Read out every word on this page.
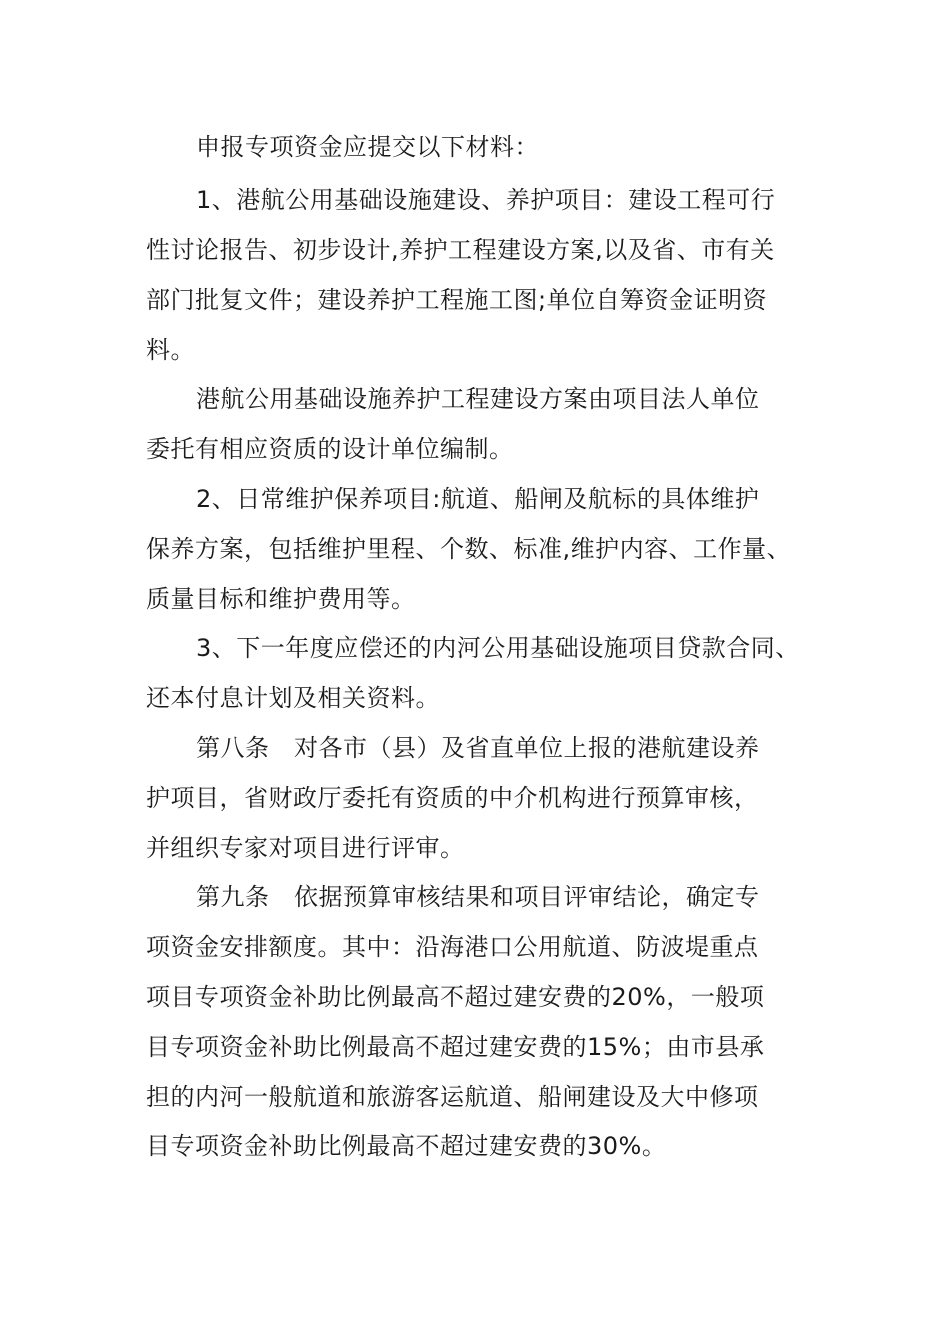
申报专项资金应提交以下材料：
1、港航公用基础设施建设、养护项目：建设工程可行
性讨论报告、初步设计,养护工程建设方案,以及省、市有关
部门批复文件；建设养护工程施工图;单位自筹资金证明资
料。
港航公用基础设施养护工程建设方案由项目法人单位
委托有相应资质的设计单位编制。
2、日常维护保养项目:航道、船闸及航标的具体维护
保养方案，包括维护里程、个数、标准,维护内容、工作量、
质量目标和维护费用等。
3、下一年度应偿还的内河公用基础设施项目贷款合同、
还本付息计划及相关资料。
第八条　对各市（县）及省直单位上报的港航建设养
护项目，省财政厅委托有资质的中介机构进行预算审核，
并组织专家对项目进行评审。
第九条　依据预算审核结果和项目评审结论，确定专
项资金安排额度。其中：沿海港口公用航道、防波堤重点
项目专项资金补助比例最高不超过建安费的20%，一般项
目专项资金补助比例最高不超过建安费的15%；由市县承
担的内河一般航道和旅游客运航道、船闸建设及大中修项
目专项资金补助比例最高不超过建安费的30%。
